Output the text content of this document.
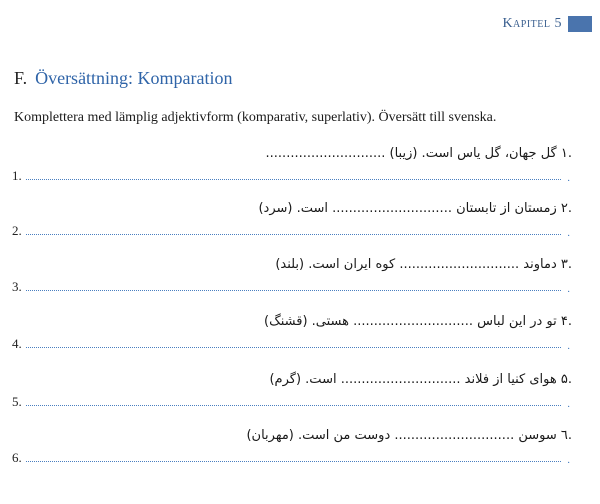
Kapitel 5
F. Översättning: Komparation
Komplettera med lämplig adjektivform (komparativ, superlativ). Översätt till svenska.
.١ گل جهان، گل یاس است. (زیبا) .............................
1.	.
.٢ زمستان از تابستان ............................. است. (سرد)
2.	.
.٣ دماوند ............................. کوه ایران است. (بلند)
3.	.
.۴ تو در این لباس ............................. هستی. (قشنگ)
4.	.
.۵ هوای کنیا از فلاند ............................. است. (گرم)
5.	.
.٦ سوسن ............................. دوست من است. (مهربان)
6.	.
